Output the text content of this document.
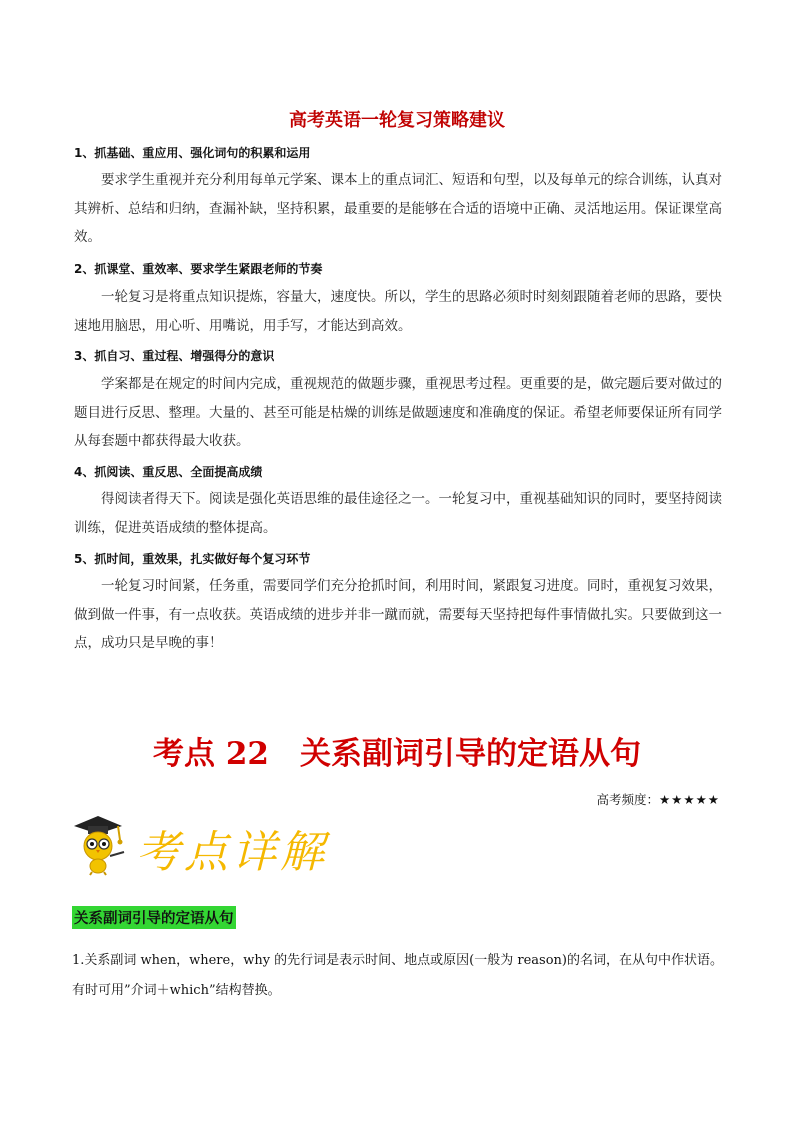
高考英语一轮复习策略建议
1、抓基础、重应用、强化词句的积累和运用
要求学生重视并充分利用每单元学案、课本上的重点词汇、短语和句型，以及每单元的综合训练，认真对其辨析、总结和归纳，查漏补缺，坚持积累，最重要的是能够在合适的语境中正确、灵活地运用。保证课堂高效。
2、抓课堂、重效率、要求学生紧跟老师的节奏
一轮复习是将重点知识提炼，容量大，速度快。所以，学生的思路必须时时刻刻跟随着老师的思路，要快速地用脑思，用心听、用嘴说，用手写，才能达到高效。
3、抓自习、重过程、增强得分的意识
学案都是在规定的时间内完成，重视规范的做题步骤，重视思考过程。更重要的是，做完题后要对做过的题目进行反思、整理。大量的、甚至可能是枯燥的训练是做题速度和准确度的保证。希望老师要保证所有同学从每套题中都获得最大收获。
4、抓阅读、重反思、全面提高成绩
得阅读者得天下。阅读是强化英语思维的最佳途径之一。一轮复习中，重视基础知识的同时，要坚持阅读训练，促进英语成绩的整体提高。
5、抓时间，重效果，扎实做好每个复习环节
一轮复习时间紧，任务重，需要同学们充分抢抓时间，利用时间，紧跟复习进度。同时，重视复习效果，做到做一件事，有一点收获。英语成绩的进步并非一蹴而就，需要每天坚持把每件事情做扎实。只要做到这一点，成功只是早晚的事！
考点 22　关系副词引导的定语从句
高考频度：★★★★★
考点详解
关系副词引导的定语从句
1.关系副词 when，where，why 的先行词是表示时间、地点或原因(一般为 reason)的名词，在从句中作状语。有时可用”介词＋which”结构替换。
